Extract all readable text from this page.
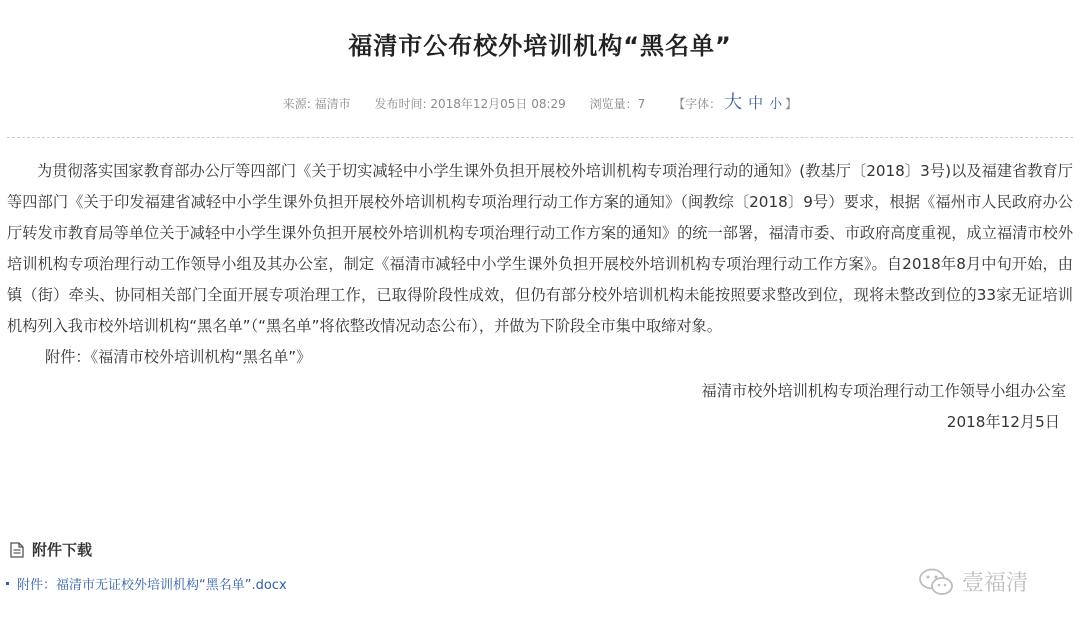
福清市公布校外培训机构“黑名单”
来源: 福清市 发布时间: 2018年12月05日 08:29 浏览量：7 【字体： 大 中 小 】

为贯彻落实国家教育部办公厅等四部门《关于切实减轻中小学生课外负担开展校外培训机构专项治理行动的通知》(教基厅〔2018〕3号)以及福建省教育厅等四部门《关于印发福建省减轻中小学生课外负担开展校外培训机构专项治理行动工作方案的通知》（闽教综〔2018〕9号）要求，根据《福州市人民政府办公厅转发市教育局等单位关于减轻中小学生课外负担开展校外培训机构专项治理行动工作方案的通知》的统一部署，福清市委、市政府高度重视，成立福清市校外培训机构专项治理行动工作领导小组及其办公室，制定《福清市减轻中小学生课外负担开展校外培训机构专项治理行动工作方案》。自2018年8月中旬开始，由镇（街）牵头、协同相关部门全面开展专项治理工作，已取得阶段性成效，但仍有部分校外培训机构未能按照要求整改到位，现将未整改到位的33家无证培训机构列入我市校外培训机构“黑名单”（“黑名单”将依整改情况动态公布），并做为下阶段全市集中取缔对象。

附件：《福清市校外培训机构“黑名单”》

福清市校外培训机构专项治理行动工作领导小组办公室

2018年12月5日

附件下载
附件：福清市无证校外培训机构“黑名单”.docx	壹福清
